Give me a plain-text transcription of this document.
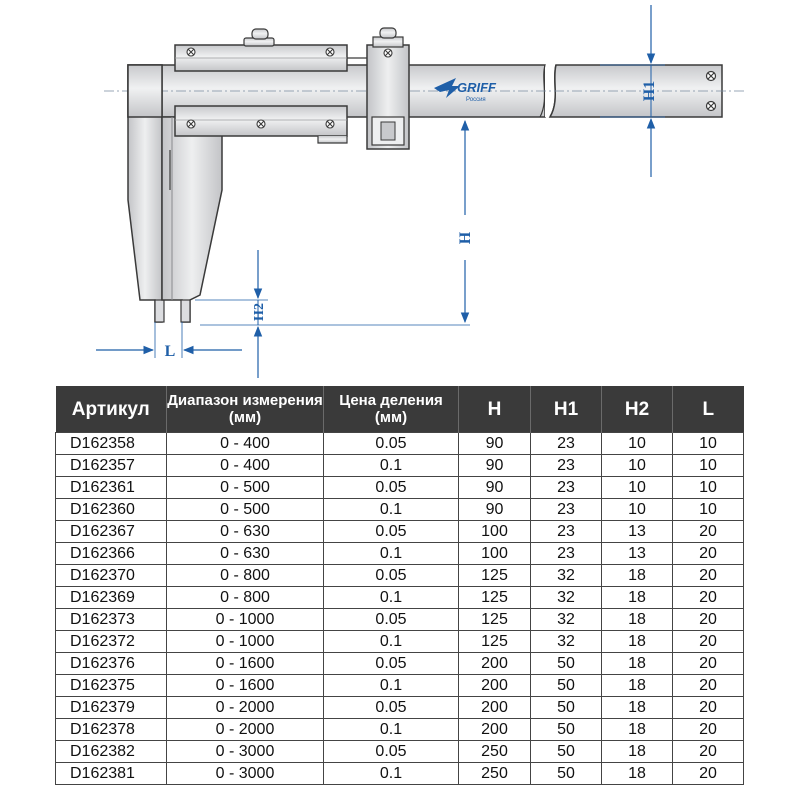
GRIFF
Россия	H1
H
H2
L
Артикул	Диапазон измерения (мм)	Цена деления (мм)	H	H1	H2	L
D162358	0 - 400	0.05	90	23	10	10
D162357	0 - 400	0.1	90	23	10	10
D162361	0 - 500	0.05	90	23	10	10
D162360	0 - 500	0.1	90	23	10	10
D162367	0 - 630	0.05	100	23	13	20
D162366	0 - 630	0.1	100	23	13	20
D162370	0 - 800	0.05	125	32	18	20
D162369	0 - 800	0.1	125	32	18	20
D162373	0 - 1000	0.05	125	32	18	20
D162372	0 - 1000	0.1	125	32	18	20
D162376	0 - 1600	0.05	200	50	18	20
D162375	0 - 1600	0.1	200	50	18	20
D162379	0 - 2000	0.05	200	50	18	20
D162378	0 - 2000	0.1	200	50	18	20
D162382	0 - 3000	0.05	250	50	18	20
D162381	0 - 3000	0.1	250	50	18	20
